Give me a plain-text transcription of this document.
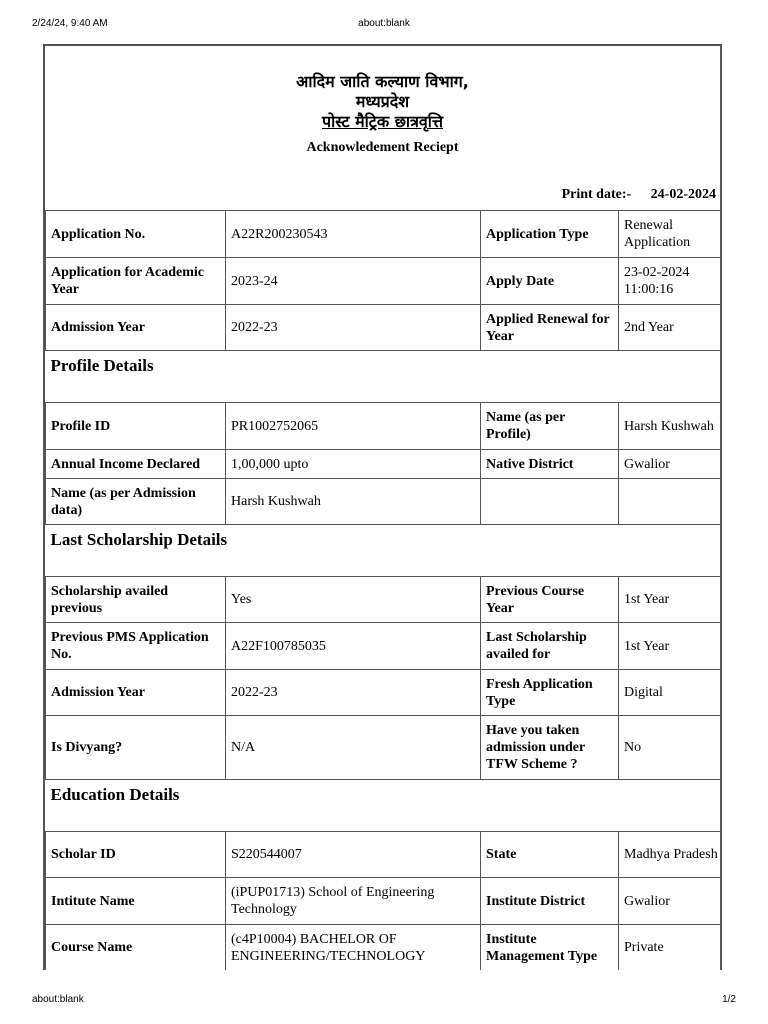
2/24/24, 9:40 AM	about:blank
आदिम जाति कल्याण विभाग,
मध्यप्रदेश
पोस्ट मैट्रिक छात्रवृत्ति
Acknowledement Reciept
Print date:- 24-02-2024
Application No.	A22R200230543	Application Type	Renewal Application
Application for Academic Year	2023-24	Apply Date	23-02-2024 11:00:16
Admission Year	2022-23	Applied Renewal for Year	2nd Year
Profile Details			
Profile ID	PR1002752065	Name (as per Profile)	Harsh Kushwah
Annual Income Declared	1,00,000 upto	Native District	Gwalior
Name (as per Admission data)	Harsh Kushwah		
Last Scholarship Details			
Scholarship availed previous	Yes	Previous Course Year	1st Year
Previous PMS Application No.	A22F100785035	Last Scholarship availed for	1st Year
Admission Year	2022-23	Fresh Application Type	Digital
Is Divyang?	N/A	Have you taken admission under TFW Scheme ?	No
Education Details			
Scholar ID	S220544007	State	Madhya Pradesh
Intitute Name	(iPUP01713) School of Engineering Technology	Institute District	Gwalior
Course Name	(c4P10004) BACHELOR OF ENGINEERING/TECHNOLOGY	Institute Management Type	Private
about:blank	1/2
